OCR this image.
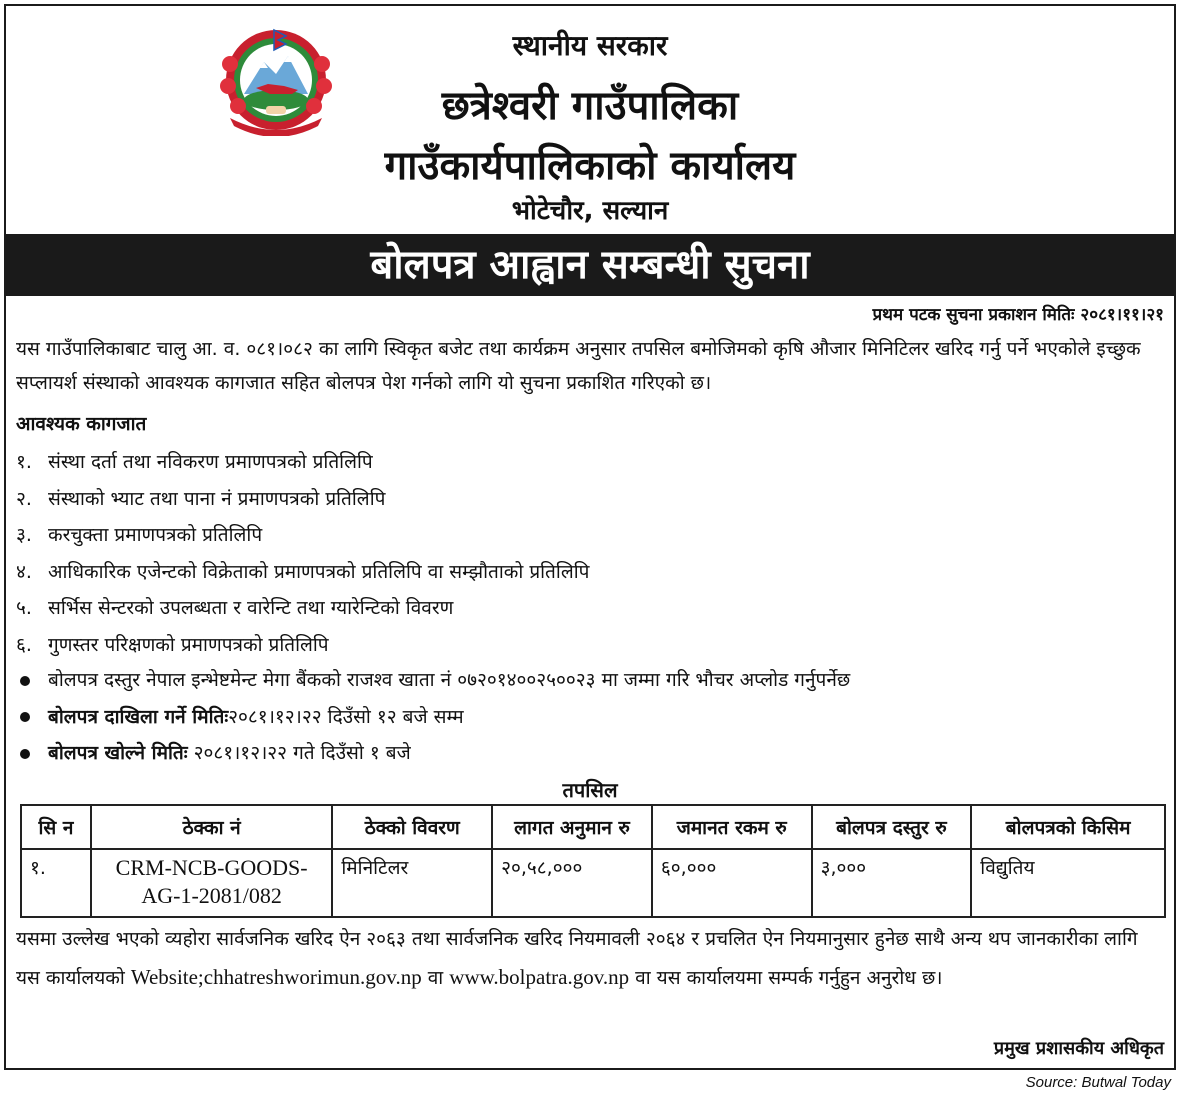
स्थानीय सरकार
छत्रेश्वरी गाउँपालिका
गाउँकार्यपालिकाको कार्यालय
भोटेचौर, सल्यान
बोलपत्र आह्वान सम्बन्धी सुचना
प्रथम पटक सुचना प्रकाशन मितिः २०८१।११।२१
यस गाउँपालिकाबाट चालु आ. व. ०८१।०८२ का लागि स्विकृत बजेट तथा कार्यक्रम अनुसार तपसिल बमोजिमको कृषि औजार मिनिटिलर खरिद गर्नु पर्ने भएकोले इच्छुक सप्लायर्श संस्थाको आवश्यक कागजात सहित बोलपत्र पेश गर्नको लागि यो सुचना प्रकाशित गरिएको छ।
आवश्यक कागजात
१. संस्था दर्ता तथा नविकरण प्रमाणपत्रको प्रतिलिपि
२. संस्थाको भ्याट तथा पाना नं प्रमाणपत्रको प्रतिलिपि
३. करचुक्ता प्रमाणपत्रको प्रतिलिपि
४. आधिकारिक एजेन्टको विक्रेताको प्रमाणपत्रको प्रतिलिपि वा सम्झौताको प्रतिलिपि
५. सर्भिस सेन्टरको उपलब्धता र वारेन्टि तथा ग्यारेन्टिको विवरण
६. गुणस्तर परिक्षणको प्रमाणपत्रको प्रतिलिपि
बोलपत्र दस्तुर नेपाल इन्भेष्टमेन्ट मेगा बैंकको राजश्व खाता नं ०७२०१४००२५००२३ मा जम्मा गरि भौचर अप्लोड गर्नुपर्नेछ
बोलपत्र दाखिला गर्ने मितिः२०८१।१२।२२ दिउँसो १२ बजे सम्म
बोलपत्र खोल्ने मितिः २०८१।१२।२२ गते दिउँसो १ बजे
तपसिल
सि न	ठेक्का नं	ठेक्को विवरण	लागत अनुमान रु	जमानत रकम रु	बोलपत्र दस्तुर रु	बोलपत्रको किसिम
१.	CRM-NCB-GOODS-AG-1-2081/082	मिनिटिलर	२०,५८,०००	६०,०००	३,०००	विद्युतिय
यसमा उल्लेख भएको व्यहोरा सार्वजनिक खरिद ऐन २०६३ तथा सार्वजनिक खरिद नियमावली २०६४ र प्रचलित ऐन नियमानुसार हुनेछ साथै अन्य थप जानकारीका लागि यस कार्यालयको Website;chhatreshworimun.gov.np वा www.bolpatra.gov.np वा यस कार्यालयमा सम्पर्क गर्नुहुन अनुरोध छ।
प्रमुख प्रशासकीय अधिकृत
Source: Butwal Today
